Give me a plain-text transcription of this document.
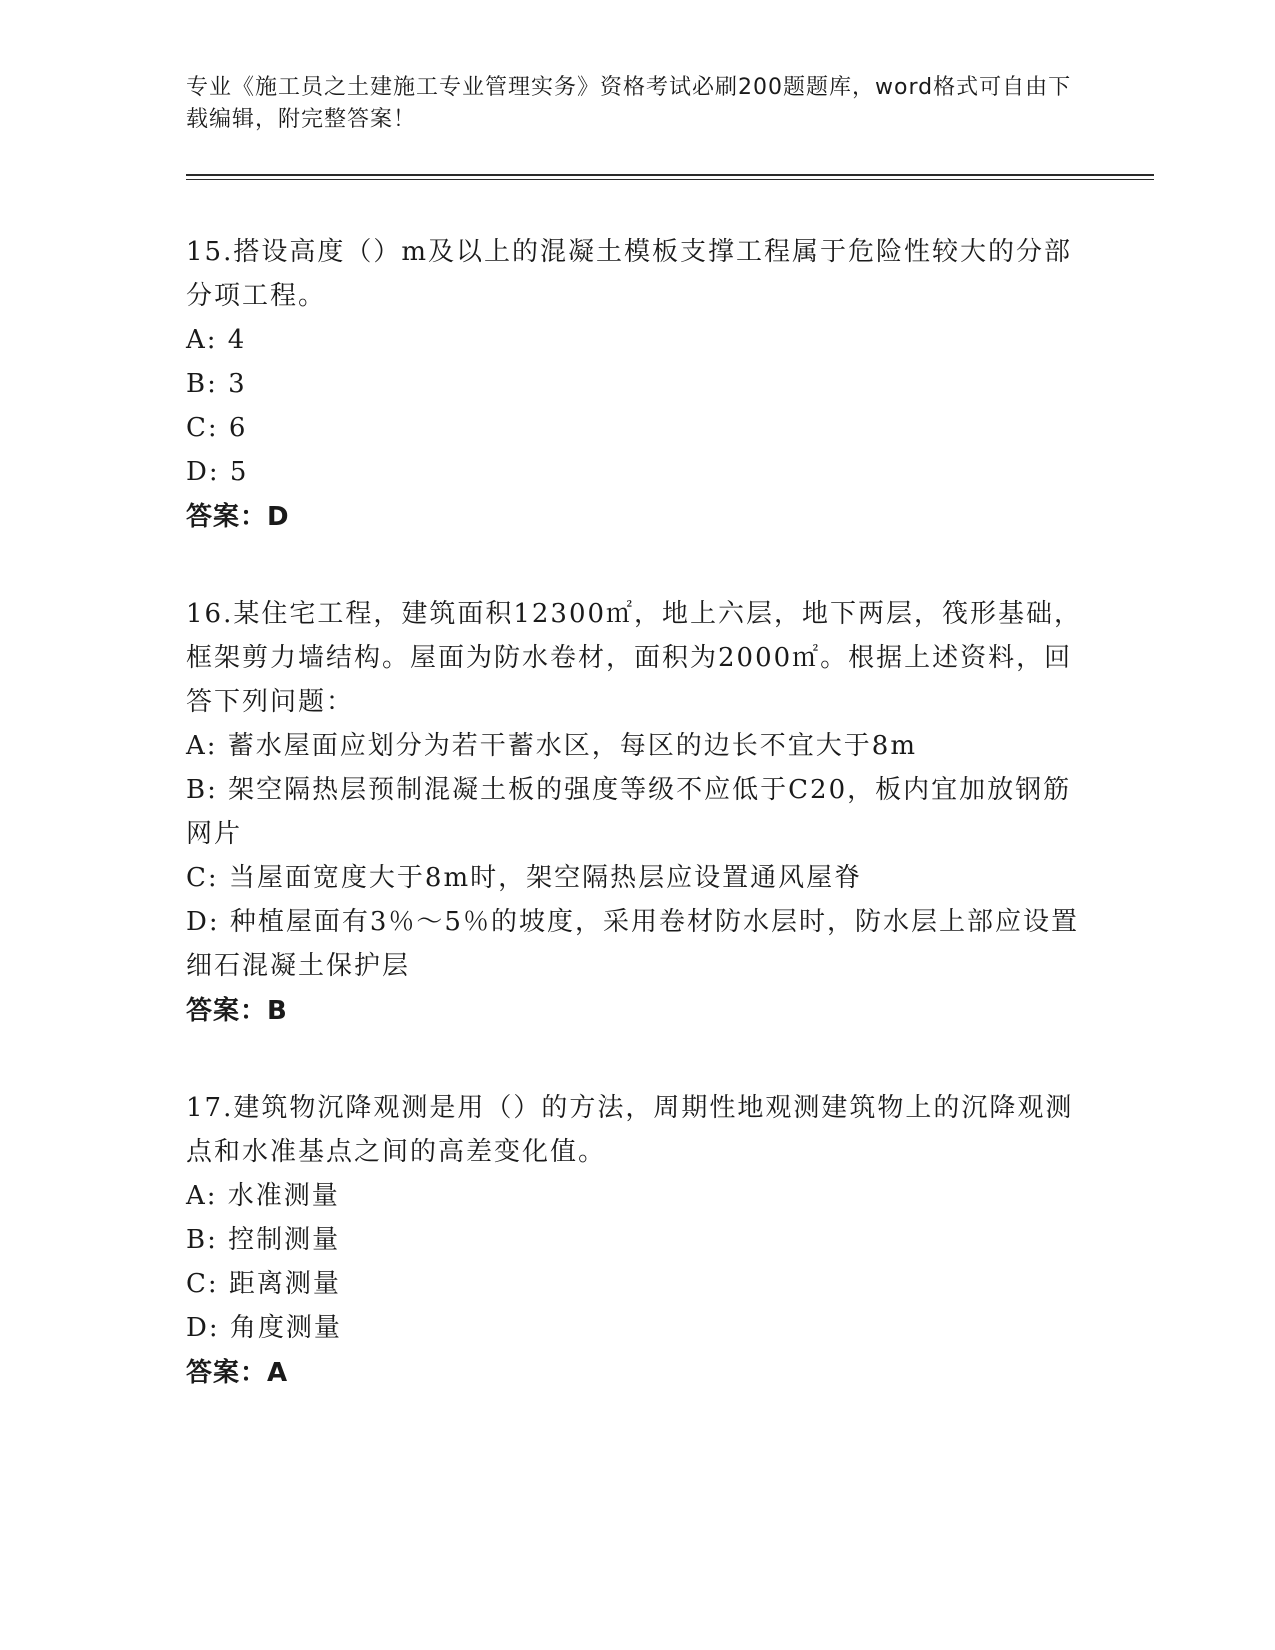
专业《施工员之土建施工专业管理实务》资格考试必刷200题题库，word格式可自由下载编辑，附完整答案！

15.搭设高度（）m及以上的混凝土模板支撑工程属于危险性较大的分部分项工程。

A: 4

B: 3

C: 6

D: 5

答案：D

16.某住宅工程，建筑面积12300㎡，地上六层，地下两层，筏形基础，框架剪力墙结构。屋面为防水卷材，面积为2000㎡。根据上述资料，回答下列问题：

A: 蓄水屋面应划分为若干蓄水区，每区的边长不宜大于8m

B: 架空隔热层预制混凝土板的强度等级不应低于C20，板内宜加放钢筋网片

C: 当屋面宽度大于8m时，架空隔热层应设置通风屋脊

D: 种植屋面有3％～5％的坡度，采用卷材防水层时，防水层上部应设置细石混凝土保护层

答案：B

17.建筑物沉降观测是用（）的方法，周期性地观测建筑物上的沉降观测点和水准基点之间的高差变化值。

A: 水准测量

B: 控制测量

C: 距离测量

D: 角度测量

答案：A
